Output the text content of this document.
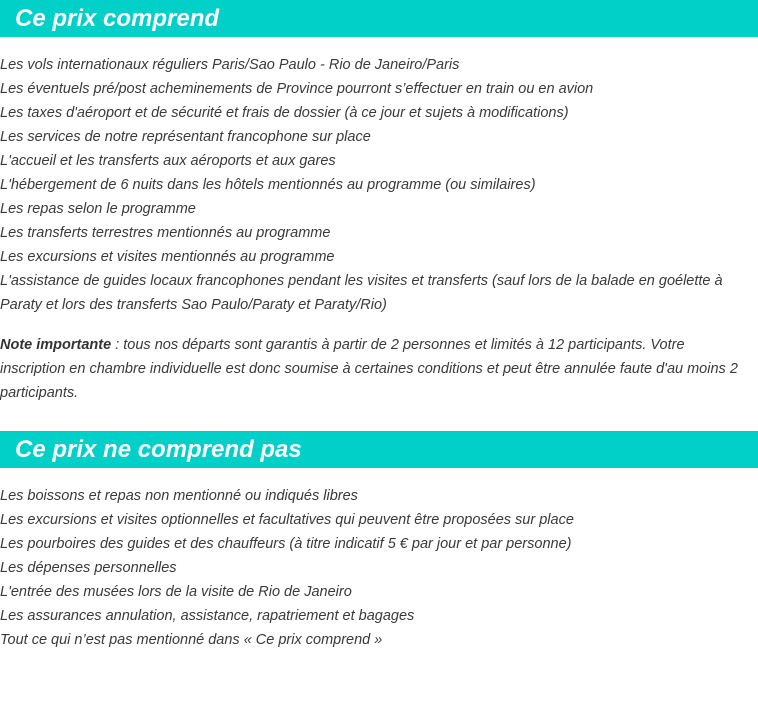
Ce prix comprend
Les vols internationaux réguliers Paris/Sao Paulo - Rio de Janeiro/Paris
Les éventuels pré/post acheminements de Province pourront s’effectuer en train ou en avion
Les taxes d'aéroport et de sécurité et frais de dossier (à ce jour et sujets à modifications)
Les services de notre représentant francophone sur place
L'accueil et les transferts aux aéroports et aux gares
L'hébergement de 6 nuits dans les hôtels mentionnés au programme (ou similaires)
Les repas selon le programme
Les transferts terrestres mentionnés au programme
Les excursions et visites mentionnés au programme
L'assistance de guides locaux francophones pendant les visites et transferts (sauf lors de la balade en goélette à Paraty et lors des transferts Sao Paulo/Paraty et Paraty/Rio)

Note importante : tous nos départs sont garantis à partir de 2 personnes et limités à 12 participants. Votre inscription en chambre individuelle est donc soumise à certaines conditions et peut être annulée faute d'au moins 2 participants.

Ce prix ne comprend pas
Les boissons et repas non mentionné ou indiqués libres
Les excursions et visites optionnelles et facultatives qui peuvent être proposées sur place
Les pourboires des guides et des chauffeurs (à titre indicatif 5 € par jour et par personne)
Les dépenses personnelles
L'entrée des musées lors de la visite de Rio de Janeiro
Les assurances annulation, assistance, rapatriement et bagages
Tout ce qui n’est pas mentionné dans « Ce prix comprend »
